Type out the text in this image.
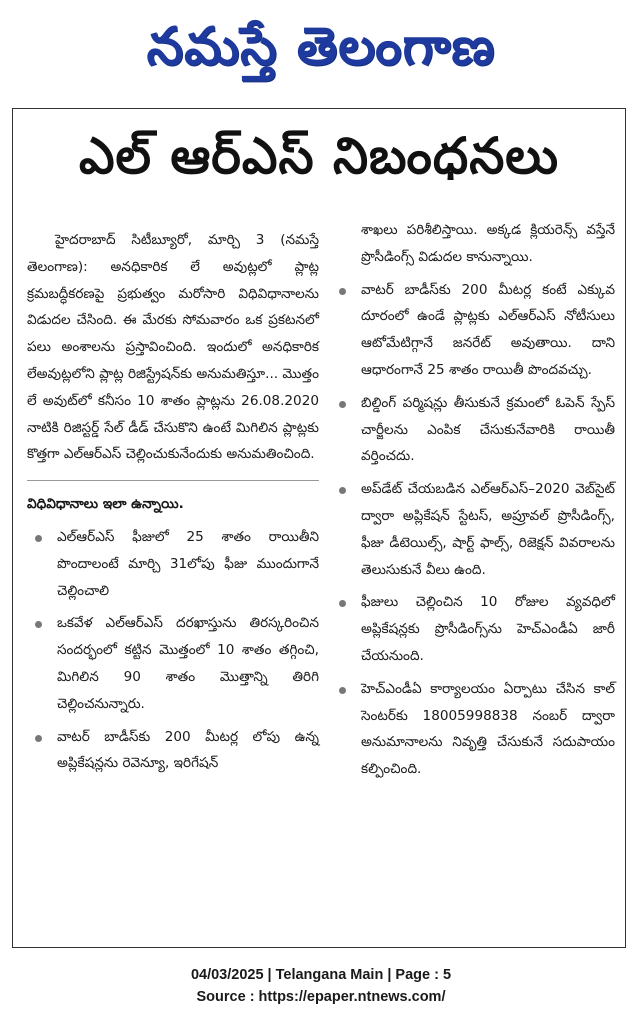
నమస్తే తెలంగాణ
ఎల్ ఆర్ఎస్ నిబంధనలు

హైదరాబాద్ సిటీబ్యూరో, మార్చి 3 (నమస్తే తెలంగాణ): అనధికారిక లే అవుట్లలో ప్లాట్ల క్రమబద్ధీకరణపై ప్రభుత్వం మరోసారి విధివిధానాలను విడుదల చేసింది. ఈ మేరకు సోమవారం ఒక ప్రకటనలో పలు అంశాలను ప్రస్తావించింది. ఇందులో అనధికారిక లేఅవుట్లలోని ప్లాట్ల రిజిస్ట్రేషన్‌కు అనుమతిస్తూ... మొత్తం లే అవుట్‌లో కనీసం 10 శాతం ప్లాట్లను 26.08.2020 నాటికి రిజిస్టర్డ్ సేల్ డీడ్ చేసుకొని ఉంటే మిగిలిన ప్లాట్లకు కొత్తగా ఎల్ఆర్ఎస్ చెల్లించుకునేందుకు అనుమతించింది.

విధివిధానాలు ఇలా ఉన్నాయి.

ఎల్ఆర్ఎస్ ఫీజులో 25 శాతం రాయితీని పొందాలంటే మార్చి 31లోపు ఫీజు ముందుగానే చెల్లించాలి
ఒకవేళ ఎల్ఆర్ఎస్ దరఖాస్తును తిరస్కరించిన సందర్భంలో కట్టిన మొత్తంలో 10 శాతం తగ్గించి, మిగిలిన 90 శాతం మొత్తాన్ని తిరిగి చెల్లించనున్నారు.
వాటర్ బాడీస్‌కు 200 మీటర్ల లోపు ఉన్న అప్లికేషన్లను రెవెన్యూ, ఇరిగేషన్
శాఖలు పరిశీలిస్తాయి. అక్కడ క్లియరెన్స్ వస్తేనే ప్రొసీడింగ్స్ విడుదల కానున్నాయి.
వాటర్ బాడీస్‌కు 200 మీటర్ల కంటే ఎక్కువ దూరంలో ఉండే ప్లాట్లకు ఎల్ఆర్ఎస్ నోటీసులు ఆటోమేటిగ్గానే జనరేట్ అవుతాయి. దాని ఆధారంగానే 25 శాతం రాయితీ పొందవచ్చు.
బిల్డింగ్ పర్మిషన్లు తీసుకునే క్రమంలో ఓపెన్ స్పేస్ చార్జీలను ఎంపిక చేసుకునేవారికి రాయితీ వర్తించదు.
అప్‌డేట్ చేయబడిన ఎల్ఆర్ఎస్–2020 వెబ్‌సైట్ ద్వారా అప్లికేషన్ స్టేటస్, అప్రూవల్ ప్రొసీడింగ్స్, ఫీజు డీటెయిల్స్, షార్ట్ ఫాల్స్, రిజెక్షన్ వివరాలను తెలుసుకునే వీలు ఉంది.
ఫీజులు చెల్లించిన 10 రోజుల వ్యవధిలో అప్లికేషన్లకు ప్రొసీడింగ్స్‌ను హెచ్ఎండీఏ జారీ చేయనుంది.
హెచ్ఎండీఏ కార్యాలయం ఏర్పాటు చేసిన కాల్ సెంటర్‌కు 18005998838 నంబర్ ద్వారా అనుమానాలను నివృత్తి చేసుకునే సదుపాయం కల్పించింది.
04/03/2025 | Telangana Main | Page : 5
Source : https://epaper.ntnews.com/
